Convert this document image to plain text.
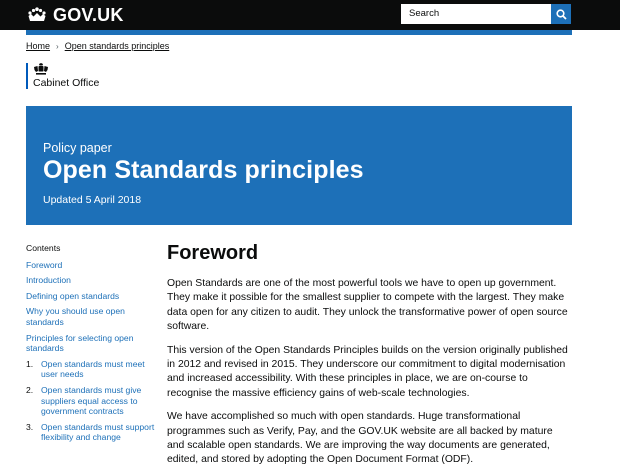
GOV.UK	Search
Home › Open standards principles
Cabinet Office
Policy paper
Open Standards principles
Updated 5 April 2018
Contents
Foreword
Introduction
Defining open standards
Why you should use open standards
Principles for selecting open standards
1. Open standards must meet user needs
2. Open standards must give suppliers equal access to government contracts
3. Open standards must support flexibility and change
Foreword

Open Standards are one of the most powerful tools we have to open up government. They make it possible for the smallest supplier to compete with the largest. They make data open for any citizen to audit. They unlock the transformative power of open source software.

This version of the Open Standards Principles builds on the version originally published in 2012 and revised in 2015. They underscore our commitment to digital modernisation and increased accessibility. With these principles in place, we are on-course to recognise the massive efficiency gains of web-scale technologies.

We have accomplished so much with open standards. Huge transformational programmes such as Verify, Pay, and the GOV.UK website are all backed by mature and scalable open standards. We are improving the way documents are generated, edited, and stored by adopting the Open Document Format (ODF).
